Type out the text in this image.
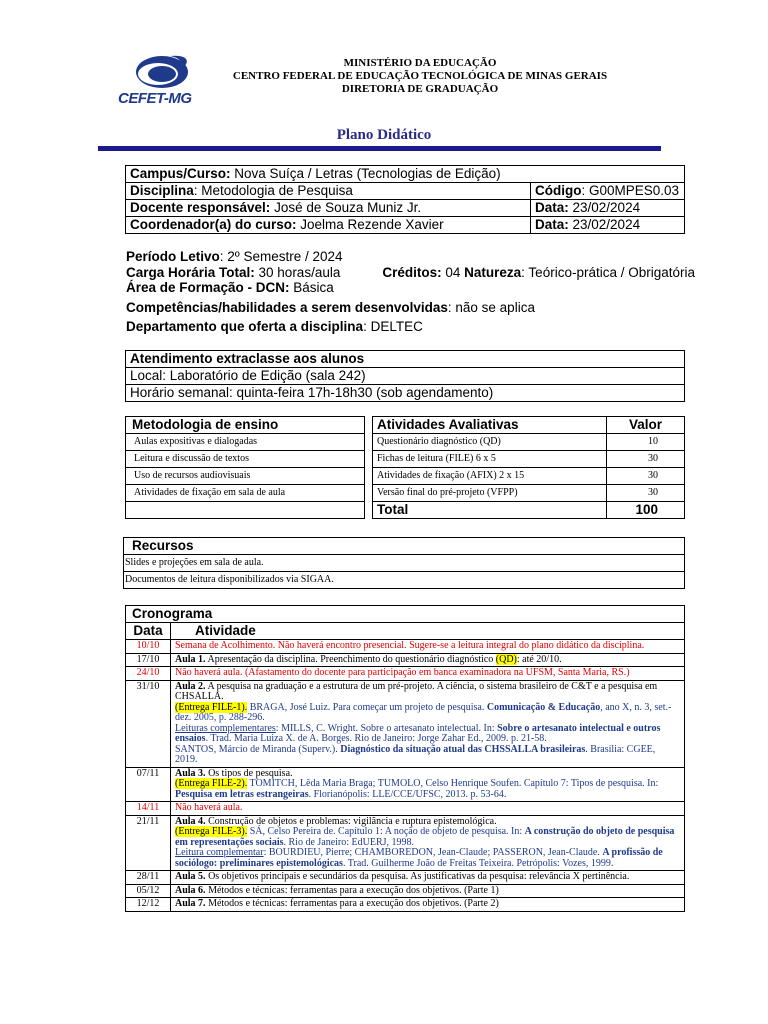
CEFET-MG
MINISTÉRIO DA EDUCAÇÃO
CENTRO FEDERAL DE EDUCAÇÃO TECNOLÓGICA DE MINAS GERAIS
DIRETORIA DE GRADUAÇÃO
Plano Didático
Campus/Curso: Nova Suíça / Letras (Tecnologias de Edição)	
Disciplina: Metodologia de Pesquisa	Código: G00MPES0.03
Docente responsável: José de Souza Muniz Jr.	Data: 23/02/2024
Coordenador(a) do curso: Joelma Rezende Xavier	Data: 23/02/2024
Período Letivo: 2º Semestre / 2024
Carga Horária Total: 30 horas/aula	Créditos: 04 Natureza: Teórico-prática / Obrigatória
Área de Formação - DCN: Básica
Competências/habilidades a serem desenvolvidas: não se aplica
Departamento que oferta a disciplina: DELTEC
Atendimento extraclasse aos alunos
Local: Laboratório de Edição (sala 242)
Horário semanal: quinta-feira 17h-18h30 (sob agendamento)
Metodologia de ensino
Aulas expositivas e dialogadas
Leitura e discussão de textos
Uso de recursos audiovisuais
Atividades de fixação em sala de aula

Atividades Avaliativas	Valor
Questionário diagnóstico (QD)	10
Fichas de leitura (FILE) 6 x 5	30
Atividades de fixação (AFIX) 2 x 15	30
Versão final do pré-projeto (VFPP)	30
Total	100
Recursos
Slides e projeções em sala de aula.
Documentos de leitura disponibilizados via SIGAA.
Cronograma	
Data	Atividade
10/10	Semana de Acolhimento. Não haverá encontro presencial. Sugere-se a leitura integral do plano didático da disciplina.
17/10	Aula 1. Apresentação da disciplina. Preenchimento do questionário diagnóstico (QD): até 20/10.
24/10	Não haverá aula. (Afastamento do docente para participação em banca examinadora na UFSM, Santa Maria, RS.)
31/10	Aula 2. A pesquisa na graduação e a estrutura de um pré-projeto. A ciência, o sistema brasileiro de C&T e a pesquisa em CHSALLA.
(Entrega FILE-1). BRAGA, José Luiz. Para começar um projeto de pesquisa. Comunicação & Educação, ano X, n. 3, set.-dez. 2005, p. 288-296.
Leituras complementares: MILLS, C. Wright. Sobre o artesanato intelectual. In: Sobre o artesanato intelectual e outros ensaios. Trad. Maria Luiza X. de A. Borges. Rio de Janeiro: Jorge Zahar Ed., 2009. p. 21-58.
SANTOS, Márcio de Miranda (Superv.). Diagnóstico da situação atual das CHSSALLA brasileiras. Brasília: CGEE, 2019.

07/11	Aula 3. Os tipos de pesquisa.
(Entrega FILE-2). TOMITCH, Lêda Maria Braga; TUMOLO, Celso Henrique Soufen. Capítulo 7: Tipos de pesquisa. In: Pesquisa em letras estrangeiras. Florianópolis: LLE/CCE/UFSC, 2013. p. 53-64.

14/11	Não haverá aula.
21/11	Aula 4. Construção de objetos e problemas: vigilância e ruptura epistemológica.
(Entrega FILE-3). SÁ, Celso Pereira de. Capítulo 1: A noção de objeto de pesquisa. In: A construção do objeto de pesquisa em representações sociais. Rio de Janeiro: EdUERJ, 1998.
Leitura complementar: BOURDIEU, Pierre; CHAMBOREDON, Jean-Claude; PASSERON, Jean-Claude. A profissão de sociólogo: preliminares epistemológicas. Trad. Guilherme João de Freitas Teixeira. Petrópolis: Vozes, 1999.

28/11	Aula 5. Os objetivos principais e secundários da pesquisa. As justificativas da pesquisa: relevância X pertinência.
05/12	Aula 6. Métodos e técnicas: ferramentas para a execução dos objetivos. (Parte 1)
12/12	Aula 7. Métodos e técnicas: ferramentas para a execução dos objetivos. (Parte 2)
